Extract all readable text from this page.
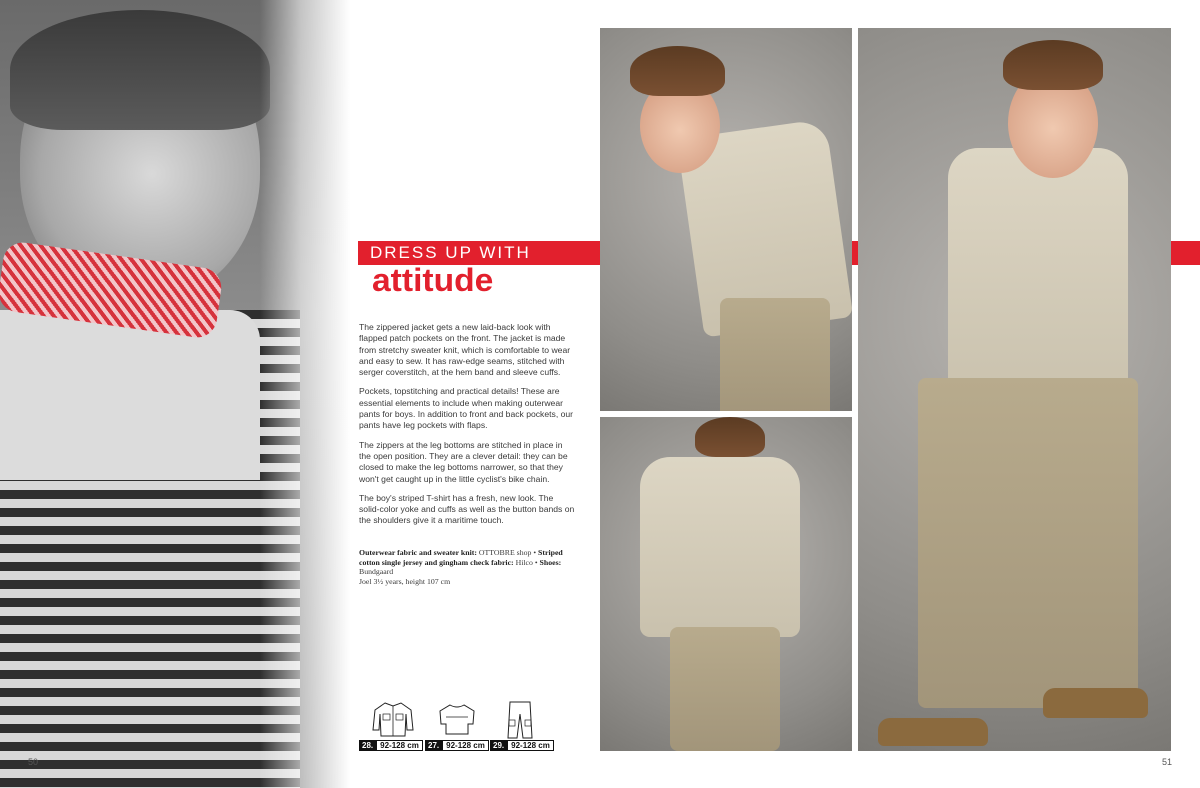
DRESS UP WITH
attitude

The zippered jacket gets a new laid-back look with flapped patch pockets on the front. The jacket is made from stretchy sweater knit, which is comfortable to wear and easy to sew. It has raw-edge seams, stitched with serger coverstitch, at the hem band and sleeve cuffs.

Pockets, topstitching and practical details! These are essential elements to include when making outerwear pants for boys. In addition to front and back pockets, our pants have leg pockets with flaps.

The zippers at the leg bottoms are stitched in place in the open position. They are a clever detail: they can be closed to make the leg bottoms narrower, so that they won't get caught up in the little cyclist's bike chain.

The boy's striped T-shirt has a fresh, new look. The solid-color yoke and cuffs as well as the button bands on the shoulders give it a maritime touch.

Outerwear fabric and sweater knit: OTTOBRE shop • Striped cotton single jersey and gingham check fabric: Hilco • Shoes: Bundgaard
Joel 3½ years, height 107 cm
28. 92-128 cm	27. 92-128 cm	29. 92-128 cm
50	51
